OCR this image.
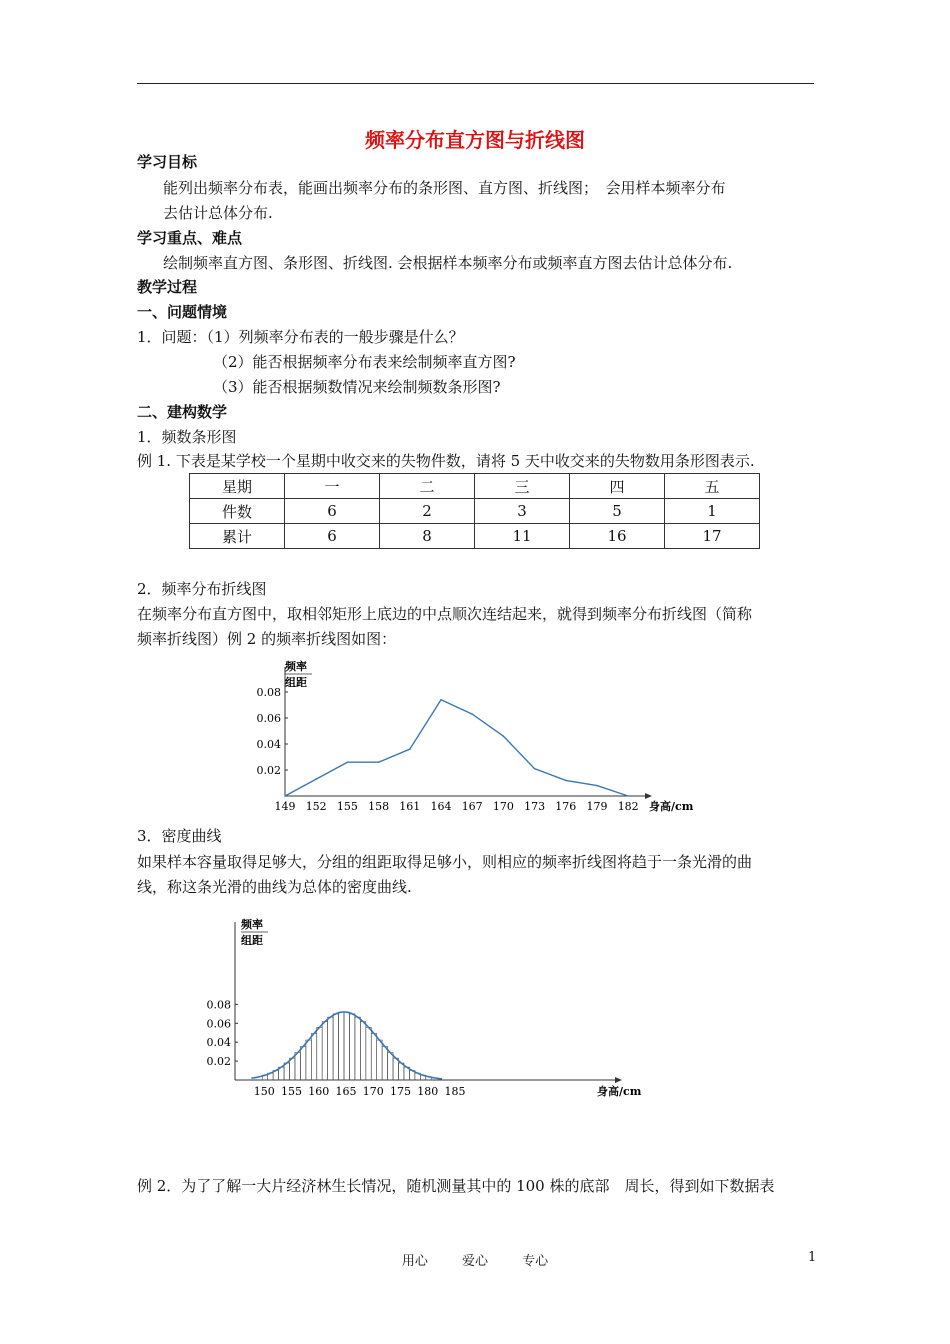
频率分布直方图与折线图
学习目标
能列出频率分布表，能画出频率分布的条形图、直方图、折线图；　会用样本频率分布
去估计总体分布.
学习重点、难点
绘制频率直方图、条形图、折线图. 会根据样本频率分布或频率直方图去估计总体分布.
教学过程
一、问题情境
1．问题：（1）列频率分布表的一般步骤是什么？
（2）能否根据频率分布表来绘制频率直方图?
（3）能否根据频数情况来绘制频数条形图?
二、建构数学
1．频数条形图
例 1. 下表是某学校一个星期中收交来的失物件数，请将 5 天中收交来的失物数用条形图表示.
星期	一	二	三	四	五
件数	6	2	3	5	1
累计	6	8	11	16	17
2．频率分布折线图
在频率分布直方图中，取相邻矩形上底边的中点顺次连结起来，就得到频率分布折线图（简称
频率折线图）例 2 的频率折线图如图：
频率
组距
0.02
0.04
0.06
0.08
149 152 155 158 161 164 167 170 173 176 179 182 身高/cm
3．密度曲线
如果样本容量取得足够大，分组的组距取得足够小，则相应的频率折线图将趋于一条光滑的曲
线，称这条光滑的曲线为总体的密度曲线.
频率
组距
0.02
0.04
0.06
0.08
150 155 160 165 170 175 180 185	身高/cm
例 2．为了了解一大片经济林生长情况，随机测量其中的 100 株的底部　周长，得到如下数据表
用心 爱心 专心	1
